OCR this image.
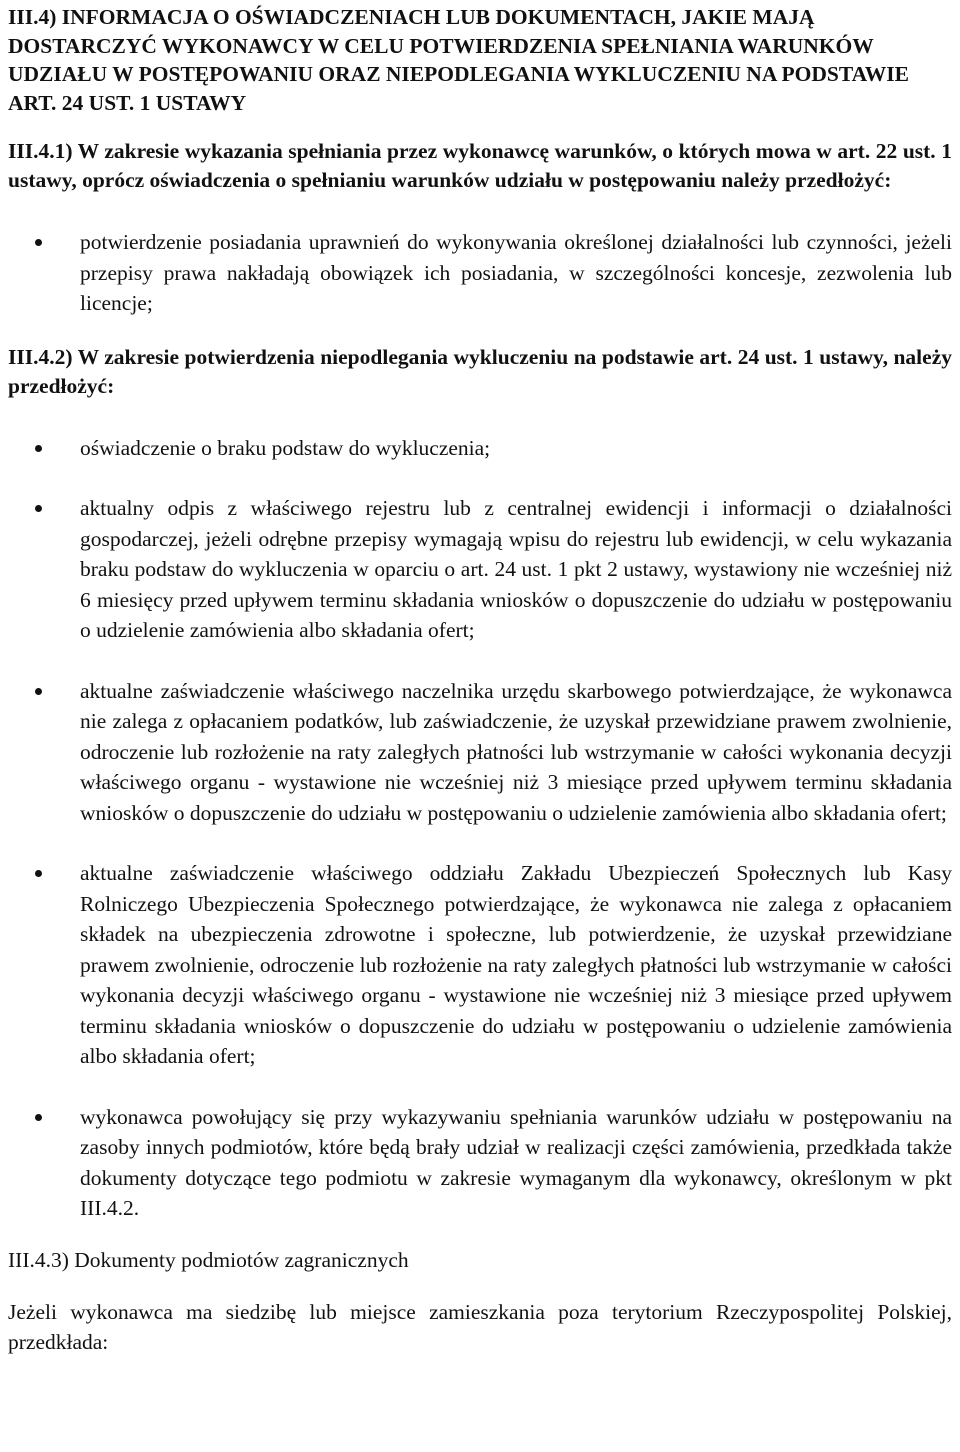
III.4) INFORMACJA O OŚWIADCZENIACH LUB DOKUMENTACH, JAKIE MAJĄ DOSTARCZYĆ WYKONAWCY W CELU POTWIERDZENIA SPEŁNIANIA WARUNKÓW UDZIAŁU W POSTĘPOWANIU ORAZ NIEPODLEGANIA WYKLUCZENIU NA PODSTAWIE ART. 24 UST. 1 USTAWY
III.4.1) W zakresie wykazania spełniania przez wykonawcę warunków, o których mowa w art. 22 ust. 1 ustawy, oprócz oświadczenia o spełnianiu warunków udziału w postępowaniu należy przedłożyć:
potwierdzenie posiadania uprawnień do wykonywania określonej działalności lub czynności, jeżeli przepisy prawa nakładają obowiązek ich posiadania, w szczególności koncesje, zezwolenia lub licencje;
III.4.2) W zakresie potwierdzenia niepodlegania wykluczeniu na podstawie art. 24 ust. 1 ustawy, należy przedłożyć:
oświadczenie o braku podstaw do wykluczenia;
aktualny odpis z właściwego rejestru lub z centralnej ewidencji i informacji o działalności gospodarczej, jeżeli odrębne przepisy wymagają wpisu do rejestru lub ewidencji, w celu wykazania braku podstaw do wykluczenia w oparciu o art. 24 ust. 1 pkt 2 ustawy, wystawiony nie wcześniej niż 6 miesięcy przed upływem terminu składania wniosków o dopuszczenie do udziału w postępowaniu o udzielenie zamówienia albo składania ofert;
aktualne zaświadczenie właściwego naczelnika urzędu skarbowego potwierdzające, że wykonawca nie zalega z opłacaniem podatków, lub zaświadczenie, że uzyskał przewidziane prawem zwolnienie, odroczenie lub rozłożenie na raty zaległych płatności lub wstrzymanie w całości wykonania decyzji właściwego organu - wystawione nie wcześniej niż 3 miesiące przed upływem terminu składania wniosków o dopuszczenie do udziału w postępowaniu o udzielenie zamówienia albo składania ofert;
aktualne zaświadczenie właściwego oddziału Zakładu Ubezpieczeń Społecznych lub Kasy Rolniczego Ubezpieczenia Społecznego potwierdzające, że wykonawca nie zalega z opłacaniem składek na ubezpieczenia zdrowotne i społeczne, lub potwierdzenie, że uzyskał przewidziane prawem zwolnienie, odroczenie lub rozłożenie na raty zaległych płatności lub wstrzymanie w całości wykonania decyzji właściwego organu - wystawione nie wcześniej niż 3 miesiące przed upływem terminu składania wniosków o dopuszczenie do udziału w postępowaniu o udzielenie zamówienia albo składania ofert;
wykonawca powołujący się przy wykazywaniu spełniania warunków udziału w postępowaniu na zasoby innych podmiotów, które będą brały udział w realizacji części zamówienia, przedkłada także dokumenty dotyczące tego podmiotu w zakresie wymaganym dla wykonawcy, określonym w pkt III.4.2.
III.4.3) Dokumenty podmiotów zagranicznych

Jeżeli wykonawca ma siedzibę lub miejsce zamieszkania poza terytorium Rzeczypospolitej Polskiej, przedkłada:
